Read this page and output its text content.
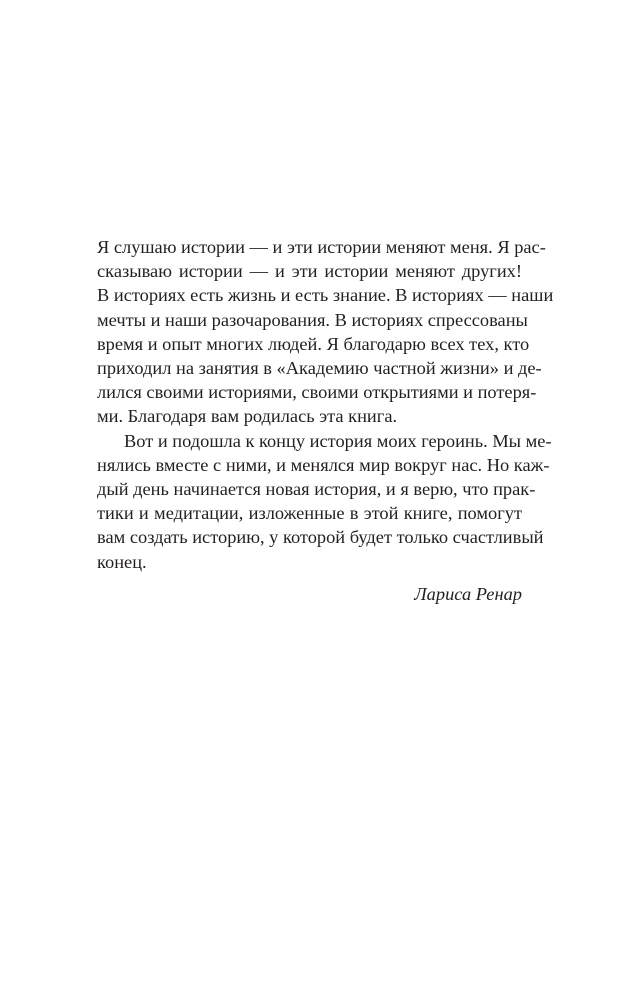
Я слушаю истории — и эти истории меняют меня. Я рас-
сказываю истории — и эти истории меняют других!
В историях есть жизнь и есть знание. В историях — наши
мечты и наши разочарования. В историях спрессованы
время и опыт многих людей. Я благодарю всех тех, кто
приходил на занятия в «Академию частной жизни» и де-
лился своими историями, своими открытиями и потеря-
ми. Благодаря вам родилась эта книга.
Вот и подошла к концу история моих героинь. Мы ме-
нялись вместе с ними, и менялся мир вокруг нас. Но каж-
дый день начинается новая история, и я верю, что прак-
тики и медитации, изложенные в этой книге, помогут
вам создать историю, у которой будет только счастливый
конец.
Лариса Ренар
